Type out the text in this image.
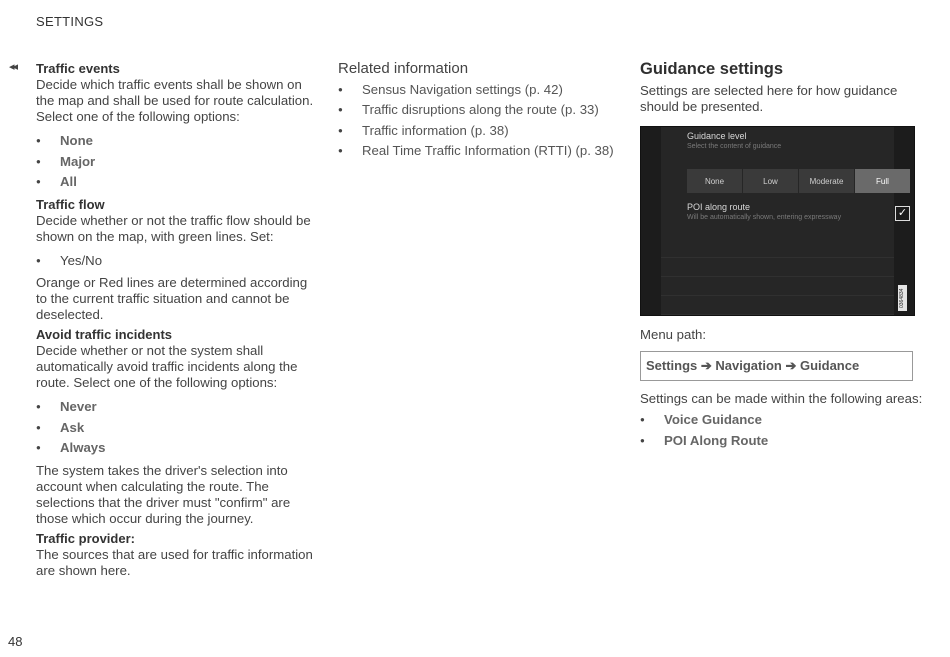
SETTINGS
◂◂
48

Traffic events

Decide which traffic events shall be shown on the map and shall be used for route calculation. Select one of the following options:

● None
● Major
● All

Traffic flow

Decide whether or not the traffic flow should be shown on the map, with green lines. Set:

● Yes/No

Orange or Red lines are determined according to the current traffic situation and cannot be deselected.

Avoid traffic incidents

Decide whether or not the system shall automatically avoid traffic incidents along the route. Select one of the following options:

● Never
● Ask
● Always

The system takes the driver's selection into account when calculating the route. The selections that the driver must "confirm" are those which occur during the journey.

Traffic provider:

The sources that are used for traffic information are shown here.

Related information

● Sensus Navigation settings (p. 42)
● Traffic disruptions along the route (p. 33)
● Traffic information (p. 38)
● Real Time Traffic Information (RTTI) (p. 38)

Guidance settings

Settings are selected here for how guidance should be presented.

Guidance level
Select the content of guidance
None	Low	Moderate	Full
POI along route
Will be automatically shown, entering expressway	✓
0364834
Menu path:
Settings ➔ Navigation ➔ Guidance
Settings can be made within the following areas:
● Voice Guidance
● POI Along Route
